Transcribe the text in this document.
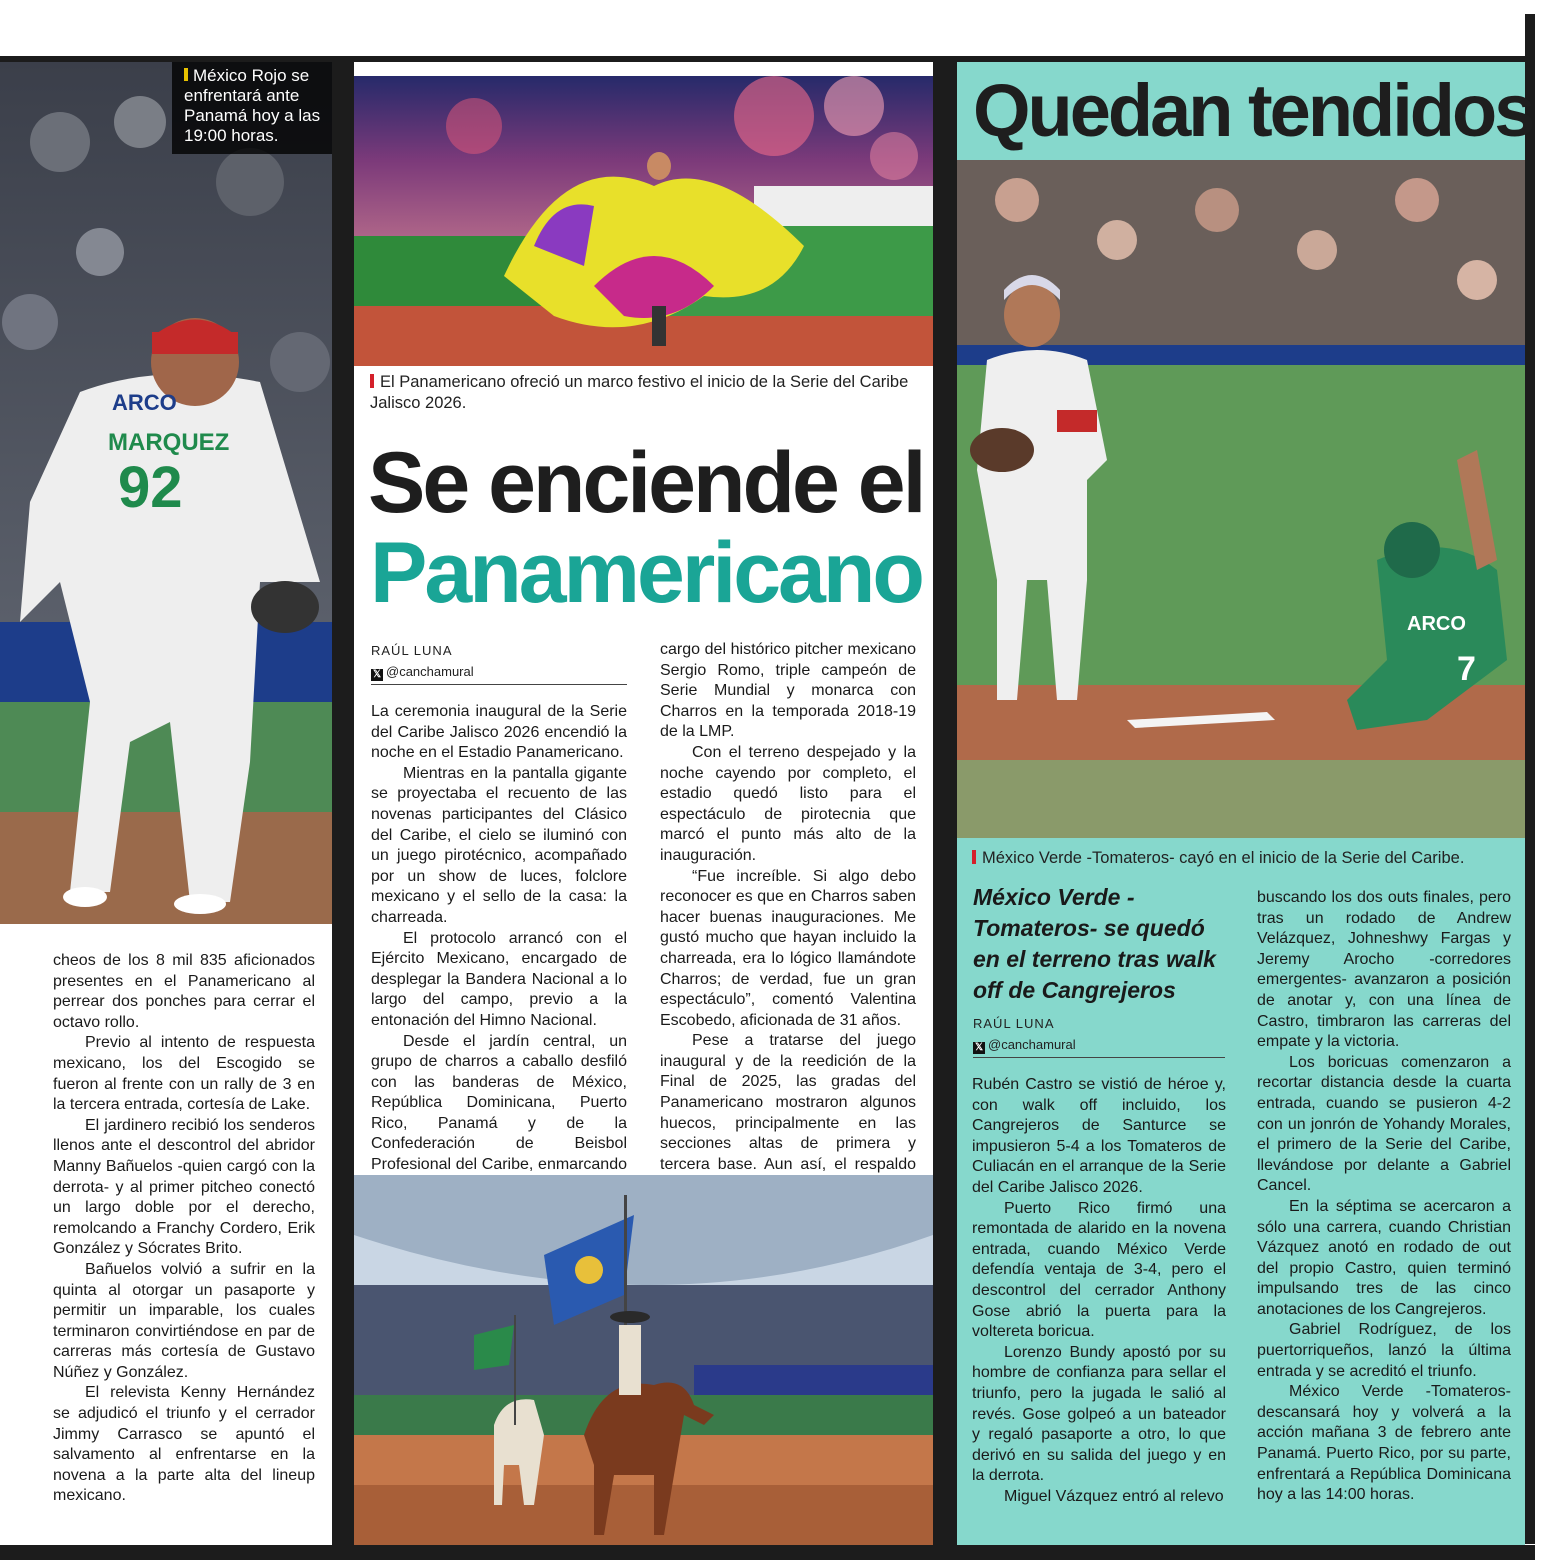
ARCO
MARQUEZ
92
México Rojo se enfrentará ante Panamá hoy a las 19:00 horas.

cheos de los 8 mil 835 aficionados presentes en el Panamericano al perrear dos ponches para cerrar el octavo rollo.

Previo al intento de respuesta mexicano, los del Escogido se fueron al frente con un rally de 3 en la tercera entrada, cortesía de Lake.

El jardinero recibió los senderos llenos ante el descontrol del abridor Manny Bañuelos -quien cargó con la derrota- y al primer pitcheo conectó un largo doble por el derecho, remolcando a Franchy Cordero, Erik González y Sócrates Brito.

Bañuelos volvió a sufrir en la quinta al otorgar un pasaporte y permitir un imparable, los cuales terminaron convirtiéndose en par de carreras más cortesía de Gustavo Núñez y González.

El relevista Kenny Hernández se adjudicó el triunfo y el cerrador Jimmy Carrasco se apuntó el salvamento al enfrentarse en la novena a la parte alta del lineup mexicano.

El Panamericano ofreció un marco festivo el inicio de la Serie del Caribe Jalisco 2026.
Se enciende el
Panamericano
RAÚL LUNA
𝕏 @canchamural

La ceremonia inaugural de la Serie del Caribe Jalisco 2026 encendió la noche en el Estadio Panamericano.

Mientras en la pantalla gigante se proyectaba el recuento de las novenas participantes del Clásico del Caribe, el cielo se iluminó con un juego pirotécnico, acompañado por un show de luces, folclore mexicano y el sello de la casa: la charreada.

El protocolo arrancó con el Ejército Mexicano, encargado de desplegar la Bandera Nacional a lo largo del campo, previo a la entonación del Himno Nacional.

Desde el jardín central, un grupo de charros a caballo desfiló con las banderas de México, República Dominicana, Puerto Rico, Panamá y de la Confederación de Beisbol Profesional del Caribe, enmarcando

cargo del histórico pitcher mexicano Sergio Romo, triple campeón de Serie Mundial y monarca con Charros en la temporada 2018-19 de la LMP.

Con el terreno despejado y la noche cayendo por completo, el estadio quedó listo para el espectáculo de pirotecnia que marcó el punto más alto de la inauguración.

“Fue increíble. Si algo debo reconocer es que en Charros saben hacer buenas inauguraciones. Me gustó mucho que hayan incluido la charreada, era lo lógico llamándote Charros; de verdad, fue un gran espectáculo”, comentó Valentina Escobedo, aficionada de 31 años.

Pese a tratarse del juego inaugural y de la reedición de la Final de 2025, las gradas del Panamericano mostraron algunos huecos, principalmente en las secciones altas de primera y tercera base. Aun así, el respaldo

Quedan tendidos
ARCO
7
México Verde -Tomateros- cayó en el inicio de la Serie del Caribe.
México Verde -Tomateros- se quedó en el terreno tras walk off de Cangrejeros
RAÚL LUNA
𝕏 @canchamural

Rubén Castro se vistió de héroe y, con walk off incluido, los Cangrejeros de Santurce se impusieron 5-4 a los Tomateros de Culiacán en el arranque de la Serie del Caribe Jalisco 2026.

Puerto Rico firmó una remontada de alarido en la novena entrada, cuando México Verde defendía ventaja de 3-4, pero el descontrol del cerrador Anthony Gose abrió la puerta para la voltereta boricua.

Lorenzo Bundy apostó por su hombre de confianza para sellar el triunfo, pero la jugada le salió al revés. Gose golpeó a un bateador y regaló pasaporte a otro, lo que derivó en su salida del juego y en la derrota.

Miguel Vázquez entró al relevo

buscando los dos outs finales, pero tras un rodado de Andrew Velázquez, Johneshwy Fargas y Jeremy Arocho -corredores emergentes- avanzaron a posición de anotar y, con una línea de Castro, timbraron las carreras del empate y la victoria.

Los boricuas comenzaron a recortar distancia desde la cuarta entrada, cuando se pusieron 4-2 con un jonrón de Yohandy Morales, el primero de la Serie del Caribe, llevándose por delante a Gabriel Cancel.

En la séptima se acercaron a sólo una carrera, cuando Christian Vázquez anotó en rodado de out del propio Castro, quien terminó impulsando tres de las cinco anotaciones de los Cangrejeros.

Gabriel Rodríguez, de los puertorriqueños, lanzó la última entrada y se acreditó el triunfo.

México Verde -Tomateros- descansará hoy y volverá a la acción mañana 3 de febrero ante Panamá. Puerto Rico, por su parte, enfrentará a República Dominicana hoy a las 14:00 horas.
